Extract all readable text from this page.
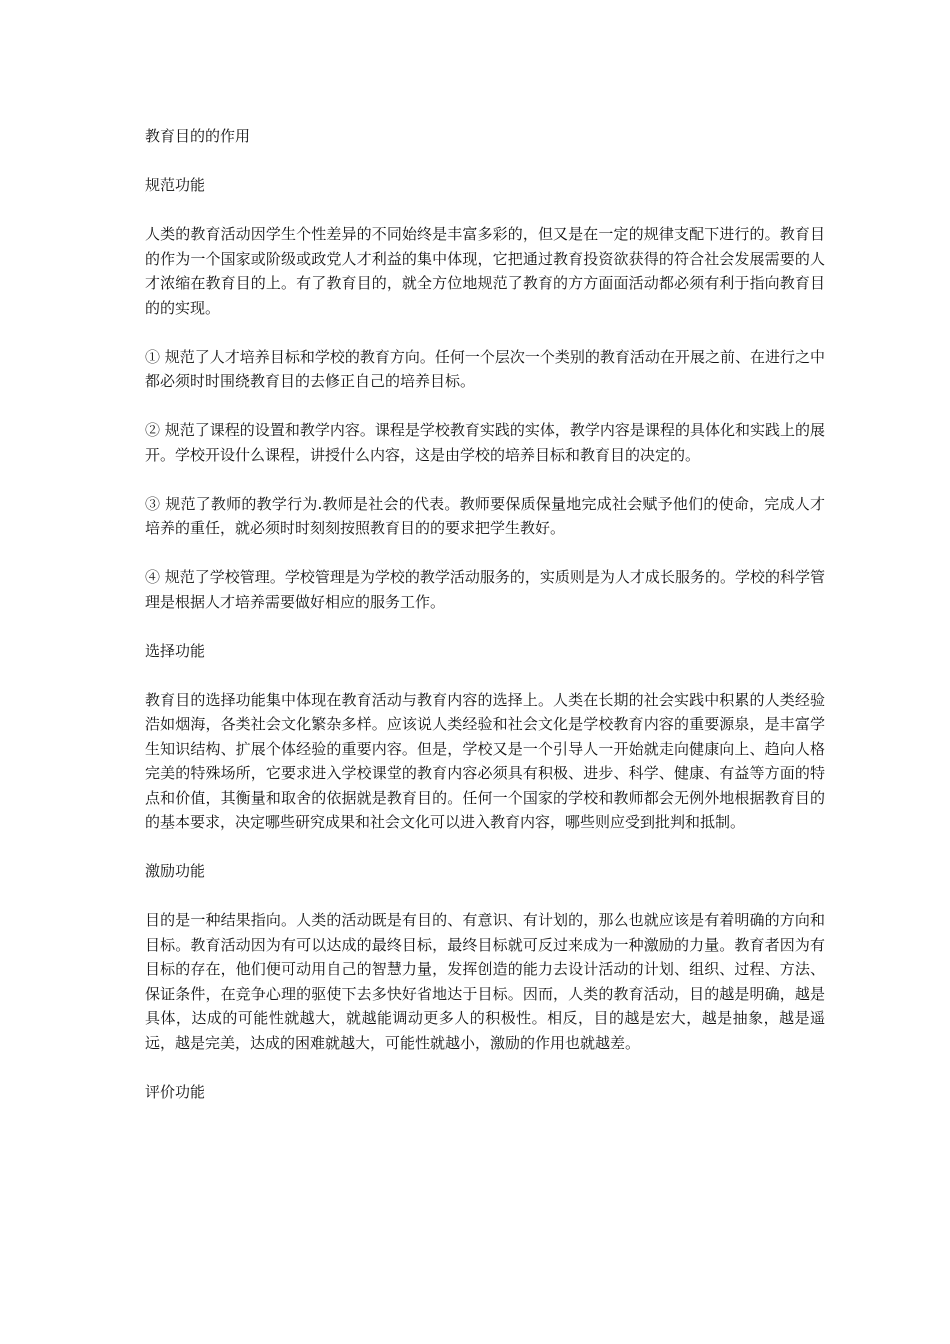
教育目的的作用
规范功能

人类的教育活动因学生个性差异的不同始终是丰富多彩的，但又是在一定的规律支配下进行的。教育目的作为一个国家或阶级或政党人才利益的集中体现，它把通过教育投资欲获得的符合社会发展需要的人才浓缩在教育目的上。有了教育目的，就全方位地规范了教育的方方面面活动都必须有利于指向教育目的的实现。

① 规范了人才培养目标和学校的教育方向。任何一个层次一个类别的教育活动在开展之前、在进行之中都必须时时围绕教育目的去修正自己的培养目标。

② 规范了课程的设置和教学内容。课程是学校教育实践的实体，教学内容是课程的具体化和实践上的展开。学校开设什么课程，讲授什么内容，这是由学校的培养目标和教育目的决定的。

③ 规范了教师的教学行为.教师是社会的代表。教师要保质保量地完成社会赋予他们的使命，完成人才培养的重任，就必须时时刻刻按照教育目的的要求把学生教好。

④ 规范了学校管理。学校管理是为学校的教学活动服务的，实质则是为人才成长服务的。学校的科学管理是根据人才培养需要做好相应的服务工作。

选择功能

教育目的选择功能集中体现在教育活动与教育内容的选择上。人类在长期的社会实践中积累的人类经验浩如烟海，各类社会文化繁杂多样。应该说人类经验和社会文化是学校教育内容的重要源泉，是丰富学生知识结构、扩展个体经验的重要内容。但是，学校又是一个引导人一开始就走向健康向上、趋向人格完美的特殊场所，它要求进入学校课堂的教育内容必须具有积极、进步、科学、健康、有益等方面的特点和价值，其衡量和取舍的依据就是教育目的。任何一个国家的学校和教师都会无例外地根据教育目的的基本要求，决定哪些研究成果和社会文化可以进入教育内容，哪些则应受到批判和抵制。

激励功能

目的是一种结果指向。人类的活动既是有目的、有意识、有计划的，那么也就应该是有着明确的方向和目标。教育活动因为有可以达成的最终目标，最终目标就可反过来成为一种激励的力量。教育者因为有目标的存在，他们便可动用自己的智慧力量，发挥创造的能力去设计活动的计划、组织、过程、方法、保证条件，在竞争心理的驱使下去多快好省地达于目标。因而，人类的教育活动，目的越是明确，越是具体，达成的可能性就越大，就越能调动更多人的积极性。相反，目的越是宏大，越是抽象，越是遥远，越是完美，达成的困难就越大，可能性就越小，激励的作用也就越差。

评价功能
